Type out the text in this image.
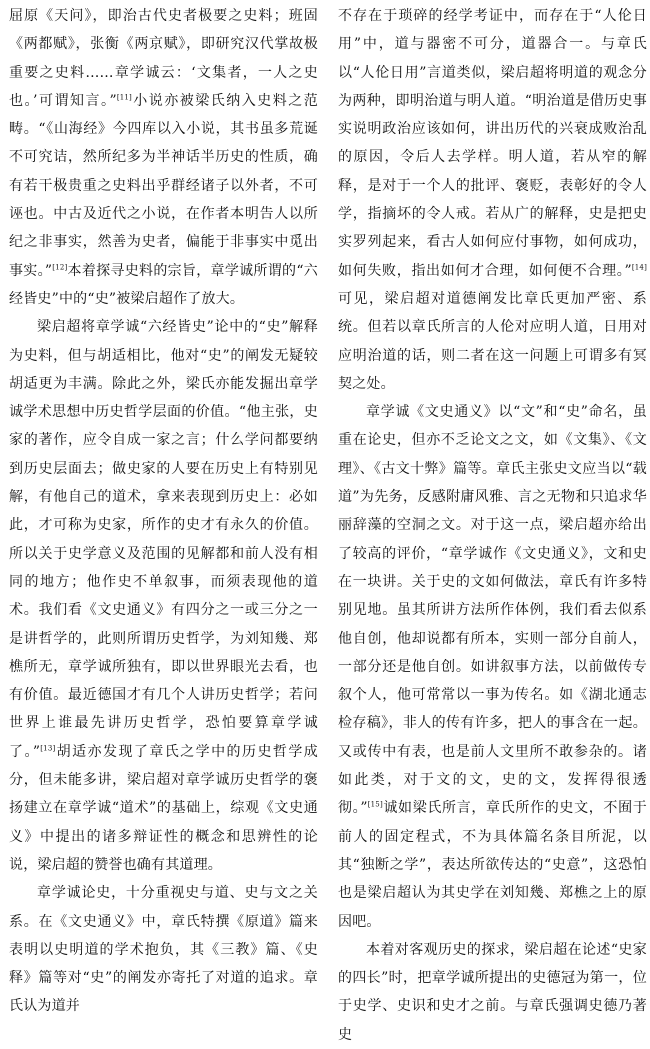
屈原《天问》，即治古代史者极要之史料；班固《两都赋》，张衡《两京赋》，即研究汉代掌故极重要之史料……章学诚云：‘文集者，一人之史也。’可谓知言。”[11]小说亦被梁氏纳入史料之范畴。“《山海经》今四库以入小说，其书虽多荒诞不可究诘，然所纪多为半神话半历史的性质，确有若干极贵重之史料出乎群经诸子以外者，不可诬也。中古及近代之小说，在作者本明告人以所纪之非事实，然善为史者，偏能于非事实中觅出事实。”[12]本着探寻史料的宗旨，章学诚所谓的“六经皆史”中的“史”被梁启超作了放大。

梁启超将章学诚“六经皆史”论中的“史”解释为史料，但与胡适相比，他对“史”的阐发无疑较胡适更为丰满。除此之外，梁氏亦能发掘出章学诚学术思想中历史哲学层面的价值。“他主张，史家的著作，应令自成一家之言；什么学问都要纳到历史层面去；做史家的人要在历史上有特别见解，有他自己的道术，拿来表现到历史上：必如此，才可称为史家，所作的史才有永久的价值。所以关于史学意义及范围的见解都和前人没有相同的地方；他作史不单叙事，而须表现他的道术。我们看《文史通义》有四分之一或三分之一是讲哲学的，此则所谓历史哲学，为刘知幾、郑樵所无，章学诚所独有，即以世界眼光去看，也有价值。最近德国才有几个人讲历史哲学；若问世界上谁最先讲历史哲学，恐怕要算章学诚了。”[13]胡适亦发现了章氏之学中的历史哲学成分，但未能多讲，梁启超对章学诚历史哲学的褒扬建立在章学诚“道术”的基础上，综观《文史通义》中提出的诸多辩证性的概念和思辨性的论说，梁启超的赞誉也确有其道理。

章学诚论史，十分重视史与道、史与文之关系。在《文史通义》中，章氏特撰《原道》篇来表明以史明道的学术抱负，其《三教》篇、《史释》篇等对“史”的阐发亦寄托了对道的追求。章氏认为道并

不存在于琐碎的经学考证中，而存在于“人伦日用”中，道与器密不可分，道器合一。与章氏以“人伦日用”言道类似，梁启超将明道的观念分为两种，即明治道与明人道。“明治道是借历史事实说明政治应该如何，讲出历代的兴衰成败治乱的原因，令后人去学样。明人道，若从窄的解释，是对于一个人的批评、褒贬，表彰好的令人学，指摘坏的令人戒。若从广的解释，史是把史实罗列起来，看古人如何应付事物，如何成功，如何失败，指出如何才合理，如何便不合理。”[14]可见，梁启超对道德阐发比章氏更加严密、系统。但若以章氏所言的人伦对应明人道，日用对应明治道的话，则二者在这一问题上可谓多有冥契之处。

章学诚《文史通义》以“文”和“史”命名，虽重在论史，但亦不乏论文之文，如《文集》、《文理》、《古文十弊》篇等。章氏主张史文应当以“载道”为先务，反感附庸风雅、言之无物和只追求华丽辞藻的空洞之文。对于这一点，梁启超亦给出了较高的评价，“章学诚作《文史通义》，文和史在一块讲。关于史的文如何做法，章氏有许多特别见地。虽其所讲方法所作体例，我们看去似系他自创，他却说都有所本，实则一部分自前人，一部分还是他自创。如讲叙事方法，以前做传专叙个人，他可常常以一事为传名。如《湖北通志检存稿》，非人的传有许多，把人的事含在一起。又或传中有表，也是前人文里所不敢参杂的。诸如此类，对于文的文，史的文，发挥得很透彻。”[15]诚如梁氏所言，章氏所作的史文，不囿于前人的固定程式，不为具体篇名条目所泥，以其“独断之学”，表达所欲传达的“史意”，这恐怕也是梁启超认为其史学在刘知幾、郑樵之上的原因吧。

本着对客观历史的探求，梁启超在论述“史家的四长”时，把章学诚所提出的史德冠为第一，位于史学、史识和史才之前。与章氏强调史德乃著史
